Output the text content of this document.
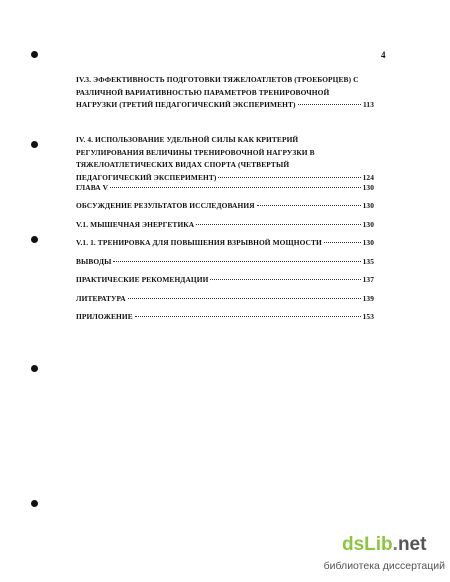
4
IV.3. ЭФФЕКТИВНОСТЬ ПОДГОТОВКИ ТЯЖЕЛОАТЛЕТОВ (ТРОЕБОРЦЕВ) С
РАЗЛИЧНОЙ ВАРИАТИВНОСТЬЮ ПАРАМЕТРОВ ТРЕНИРОВОЧНОЙ
НАГРУЗКИ (ТРЕТИЙ ПЕДАГОГИЧЕСКИЙ ЭКСПЕРИМЕНТ)	113
IV. 4. ИСПОЛЬЗОВАНИЕ УДЕЛЬНОЙ СИЛЫ КАК КРИТЕРИЙ
РЕГУЛИРОВАНИЯ ВЕЛИЧИНЫ ТРЕНИРОВОЧНОЙ НАГРУЗКИ В
ТЯЖЕЛОАТЛЕТИЧЕСКИХ ВИДАХ СПОРТА (ЧЕТВЕРТЫЙ
ПЕДАГОГИЧЕСКИЙ ЭКСПЕРИМЕНТ)	124
ГЛАВА V	130
ОБСУЖДЕНИЕ РЕЗУЛЬТАТОВ ИССЛЕДОВАНИЯ	130
V.1. МЫШЕЧНАЯ ЭНЕРГЕТИКА	130
V.1. 1. ТРЕНИРОВКА ДЛЯ ПОВЫШЕНИЯ ВЗРЫВНОЙ МОЩНОСТИ	130
ВЫВОДЫ	135
ПРАКТИЧЕСКИЕ РЕКОМЕНДАЦИИ	137
ЛИТЕРАТУРА	139
ПРИЛОЖЕНИЕ	153
dsLib.net
библиотека диссертаций
